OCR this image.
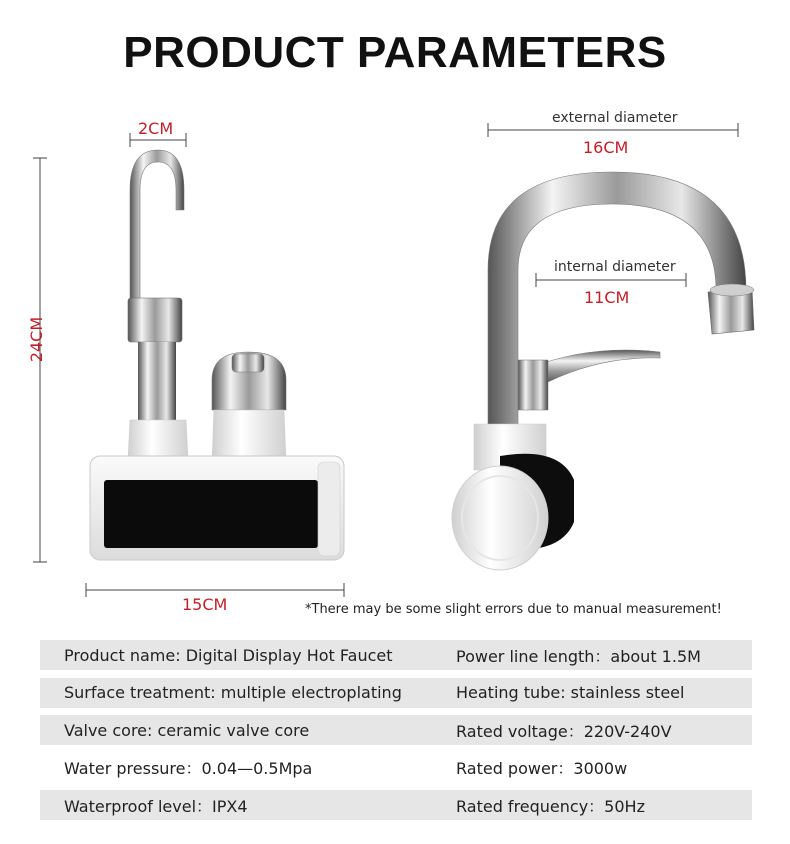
PRODUCT PARAMETERS
2CM
24CM
15CM
external diameter
16CM
internal diameter
11CM
*There may be some slight errors due to manual measurement!
Product name: Digital Display Hot Faucet	Power line length：about 1.5M
Surface treatment: multiple electroplating	Heating tube: stainless steel
Valve core: ceramic valve core	Rated voltage：220V-240V
Water pressure：0.04—0.5Mpa	Rated power：3000w
Waterproof level：IPX4	Rated frequency：50Hz
